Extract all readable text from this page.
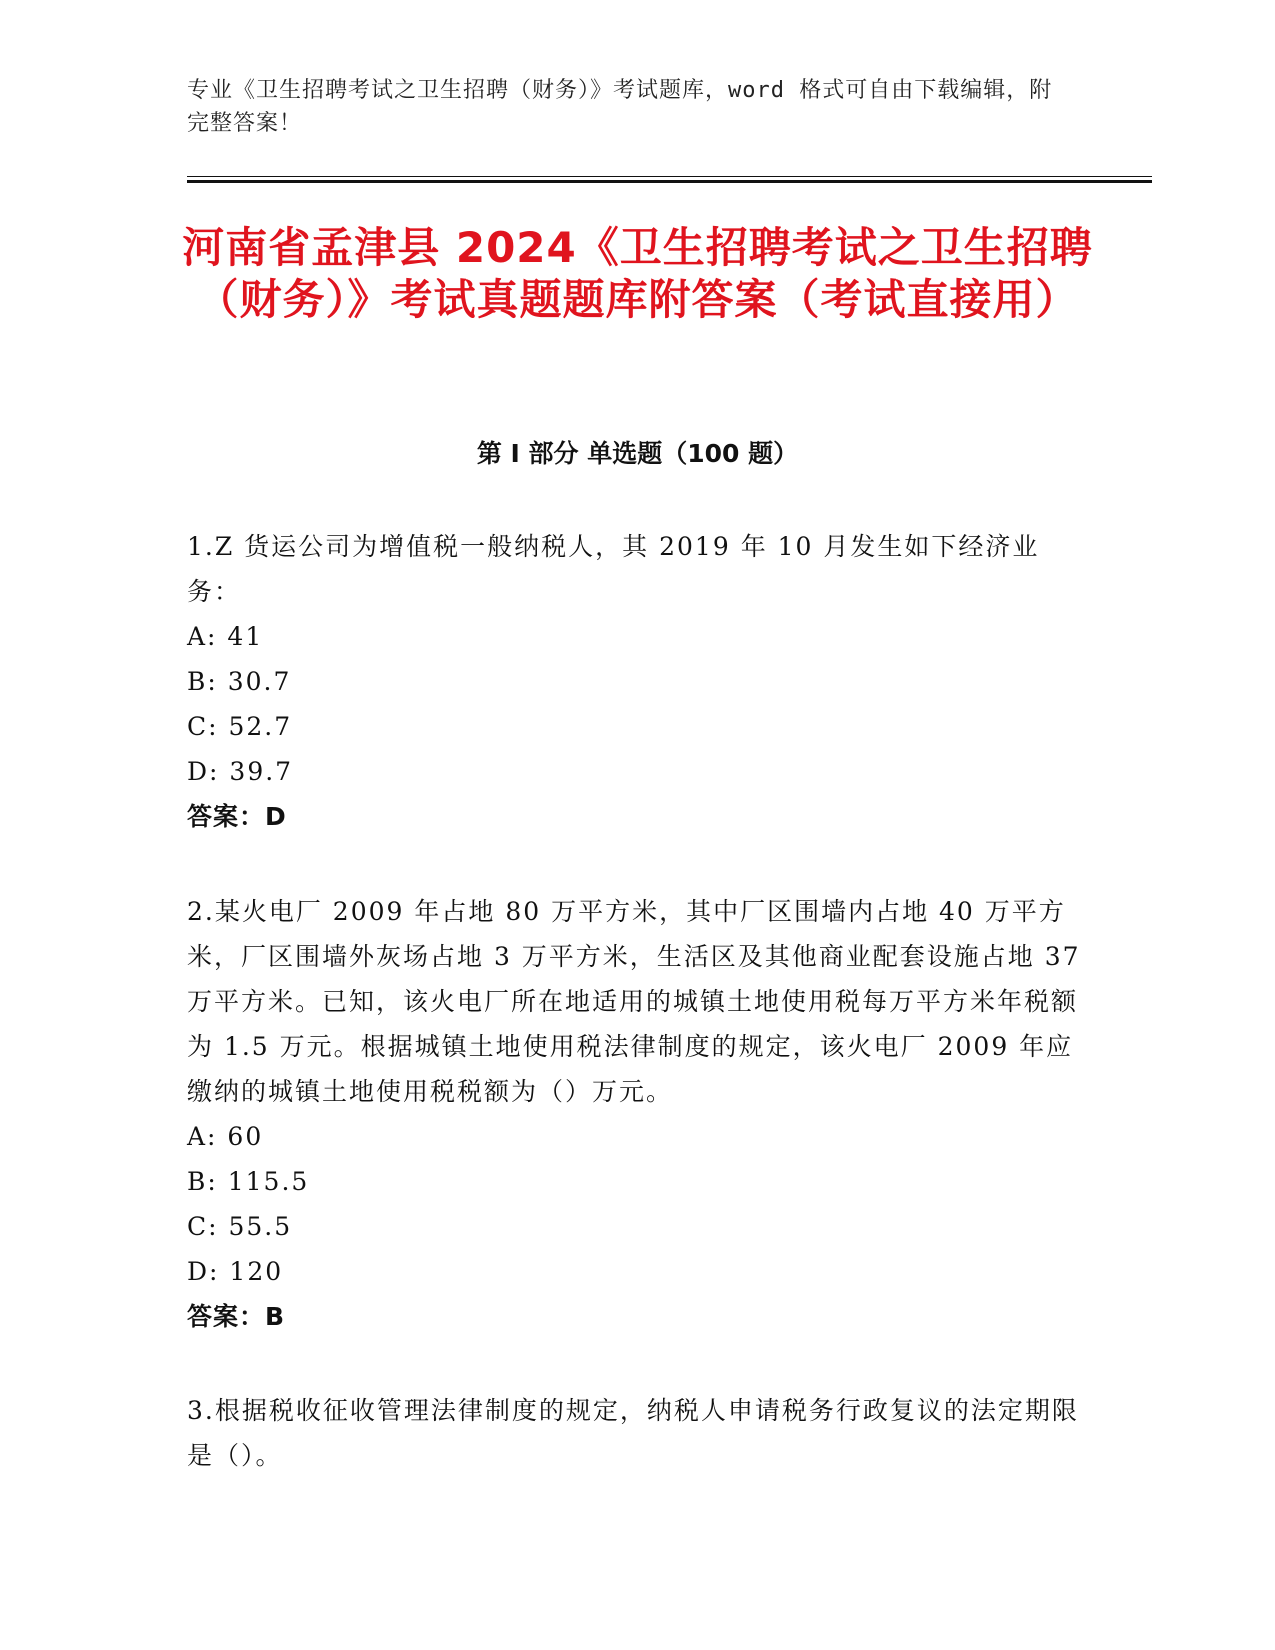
专业《卫生招聘考试之卫生招聘（财务）》考试题库，word 格式可自由下载编辑，附完整答案！
河南省孟津县 2024《卫生招聘考试之卫生招聘（财务）》考试真题题库附答案（考试直接用）
第 I 部分 单选题（100 题）

1.Z 货运公司为增值税一般纳税人，其 2019 年 10 月发生如下经济业务：

A: 41

B: 30.7

C: 52.7

D: 39.7

答案：D

2.某火电厂 2009 年占地 80 万平方米，其中厂区围墙内占地 40 万平方米，厂区围墙外灰场占地 3 万平方米，生活区及其他商业配套设施占地 37 万平方米。已知，该火电厂所在地适用的城镇土地使用税每万平方米年税额为 1.5 万元。根据城镇土地使用税法律制度的规定，该火电厂 2009 年应缴纳的城镇土地使用税税额为（）万元。

A: 60

B: 115.5

C: 55.5

D: 120

答案：B

3.根据税收征收管理法律制度的规定，纳税人申请税务行政复议的法定期限是（）。
